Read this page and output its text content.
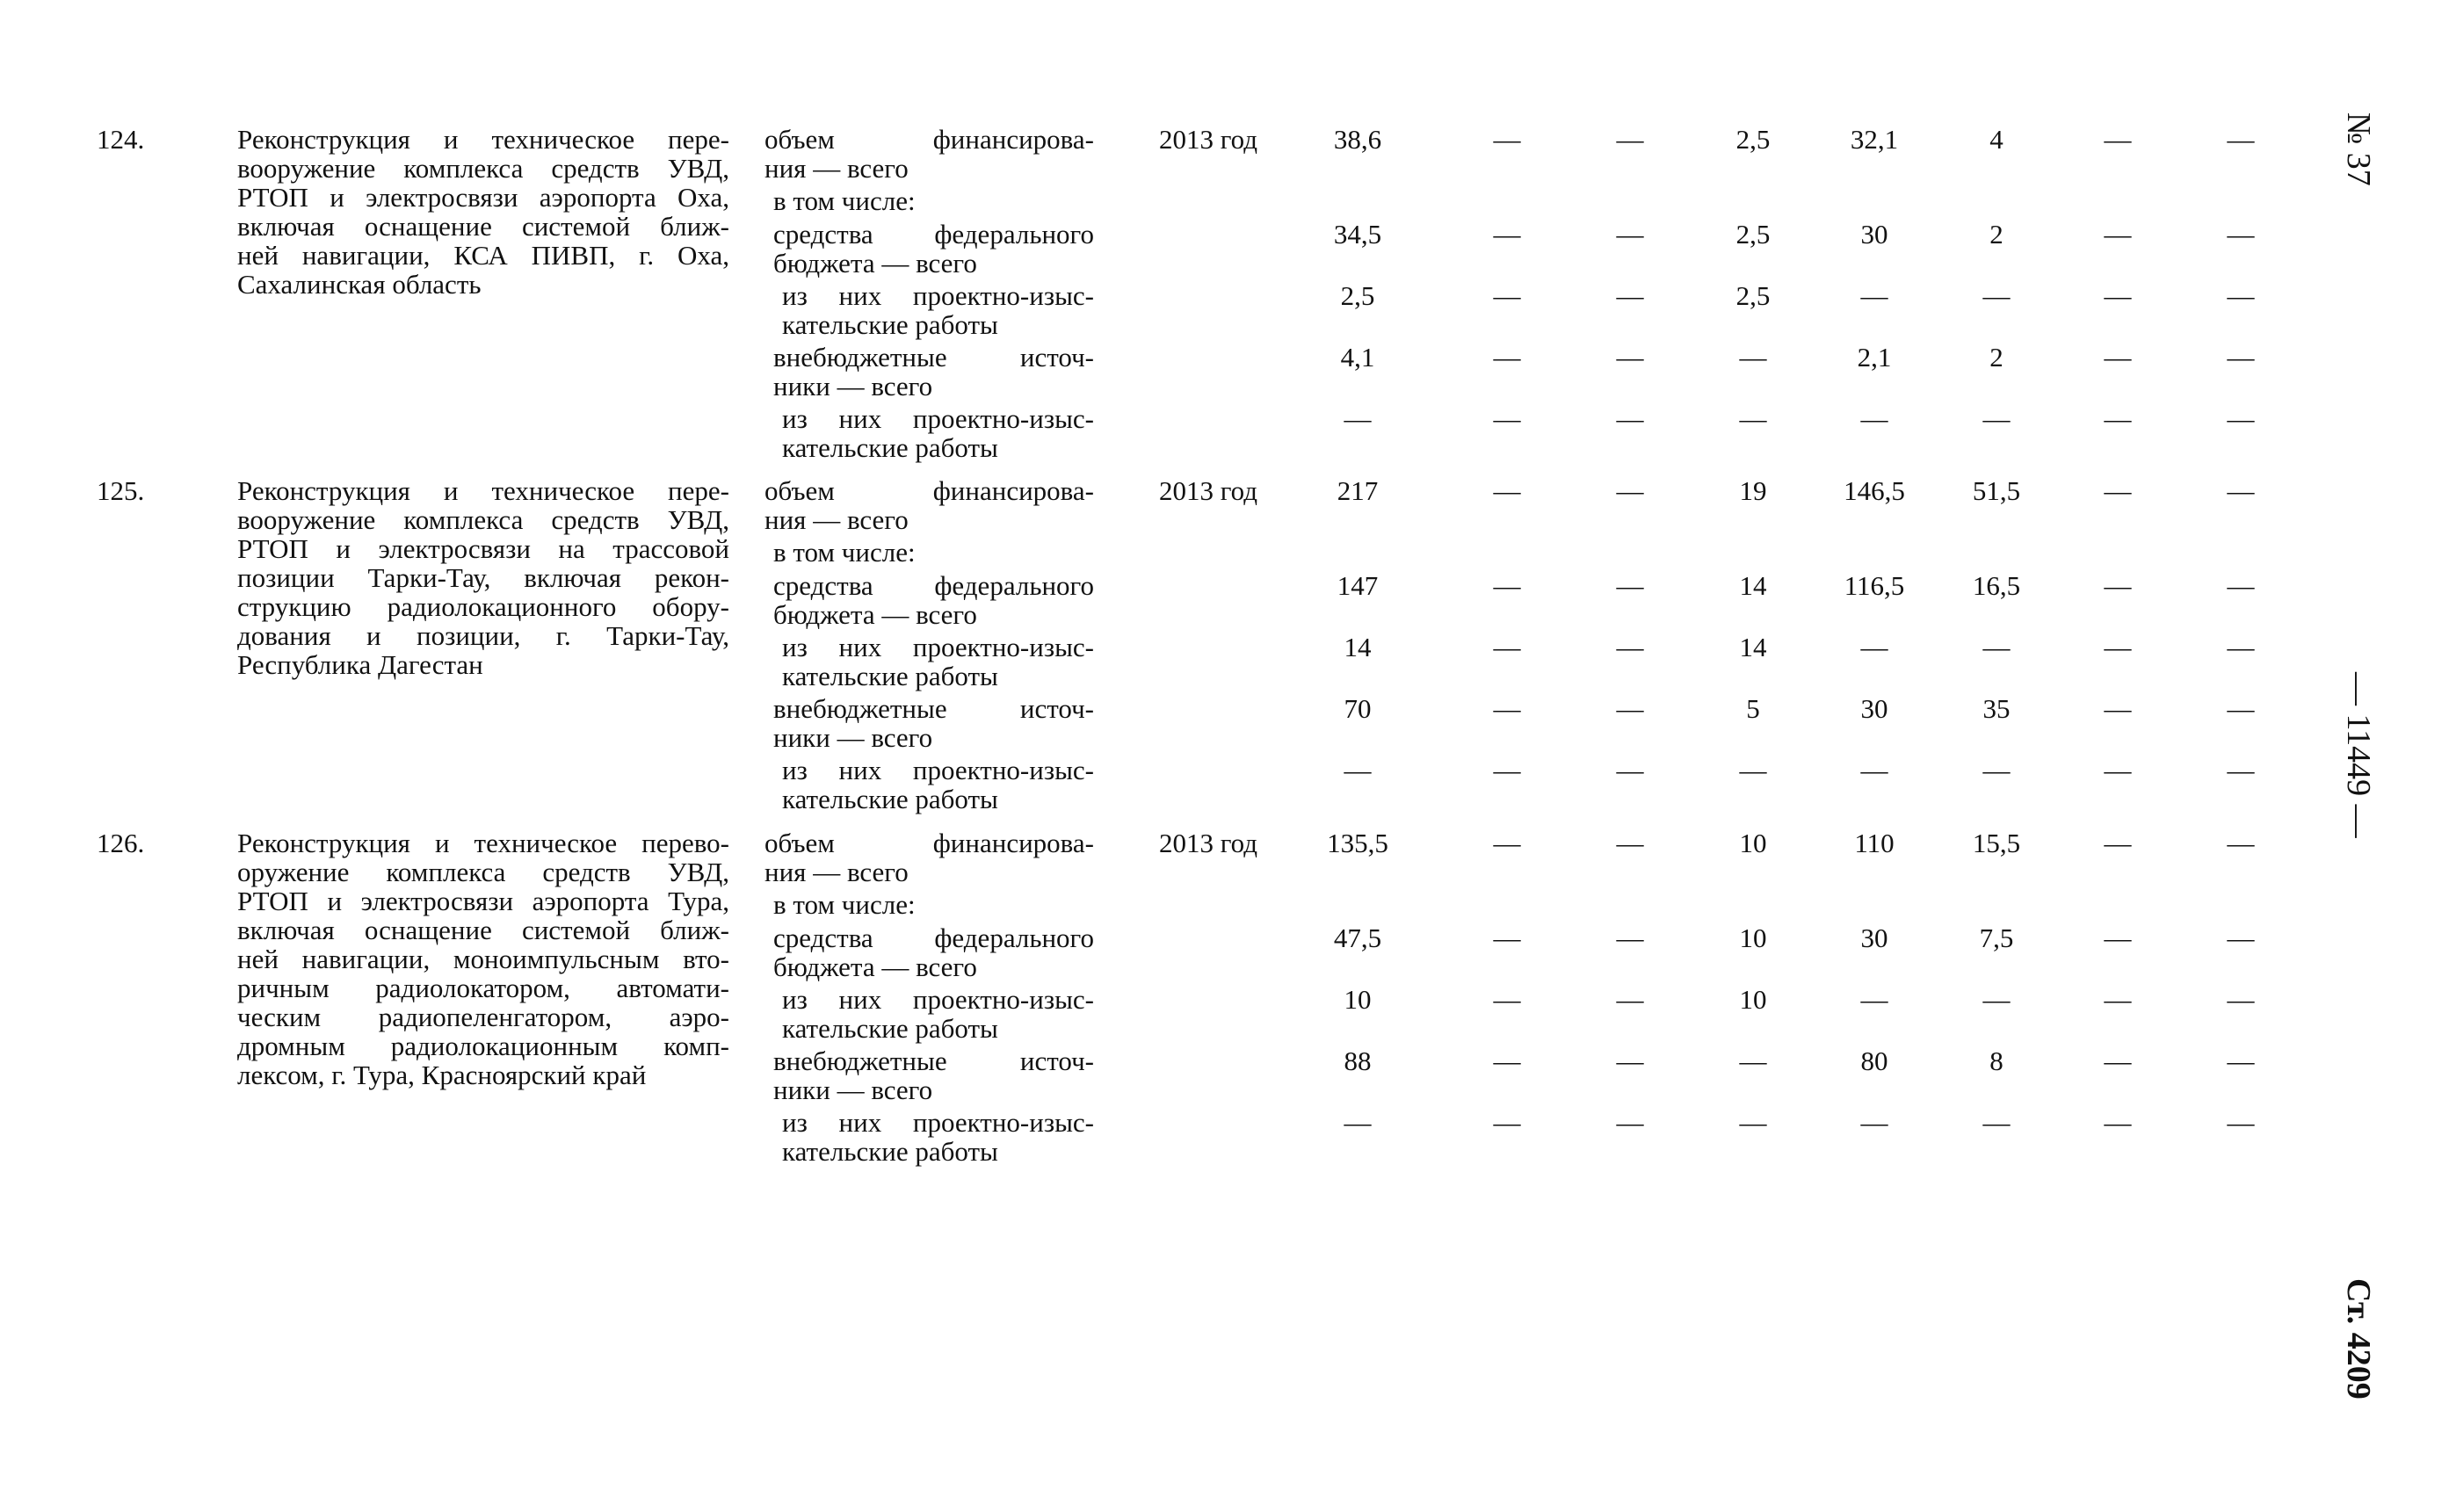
124.	Реконструкция и техническое пере-
вооружение комплекса средств УВД,
РТОП и электросвязи аэропорта Оха,
включая оснащение системой ближ-
ней навигации, КСА ПИВП, г. Оха,
Сахалинская область
объем финансирова-
ния — всего
2013 год	38,6	—	—	2,5	32,1	4	—	—
в том числе:
средства федерального
бюджета — всего
34,5	—	—	2,5	30	2	—	—
из них проектно-изыс-
кательские работы
2,5	—	—	2,5	—	—	—	—
внебюджетные источ-
ники — всего
4,1	—	—	—	2,1	2	—	—
из них проектно-изыс-
кательские работы
—	—	—	—	—	—	—	—
125.	Реконструкция и техническое пере-
вооружение комплекса средств УВД,
РТОП и электросвязи на трассовой
позиции Тарки-Тау, включая рекон-
струкцию радиолокационного обору-
дования и позиции, г. Тарки-Тау,
Республика Дагестан
объем финансирова-
ния — всего
2013 год	217	—	—	19	146,5	51,5	—	—
в том числе:
средства федерального
бюджета — всего
147	—	—	14	116,5	16,5	—	—
из них проектно-изыс-
кательские работы
14	—	—	14	—	—	—	—
внебюджетные источ-
ники — всего
70	—	—	5	30	35	—	—
из них проектно-изыс-
кательские работы
—	—	—	—	—	—	—	—
126.	Реконструкция и техническое перево-
оружение комплекса средств УВД,
РТОП и электросвязи аэропорта Тура,
включая оснащение системой ближ-
ней навигации, моноимпульсным вто-
ричным радиолокатором, автомати-
ческим радиопеленгатором, аэро-
дромным радиолокационным комп-
лексом, г. Тура, Красноярский край
объем финансирова-
ния — всего
2013 год	135,5	—	—	10	110	15,5	—	—
в том числе:
средства федерального
бюджета — всего
47,5	—	—	10	30	7,5	—	—
из них проектно-изыс-
кательские работы
10	—	—	10	—	—	—	—
внебюджетные источ-
ники — всего
88	—	—	—	80	8	—	—
из них проектно-изыс-
кательские работы
—	—	—	—	—	—	—	—
№ 37
— 11449 —
Ст. 4209
